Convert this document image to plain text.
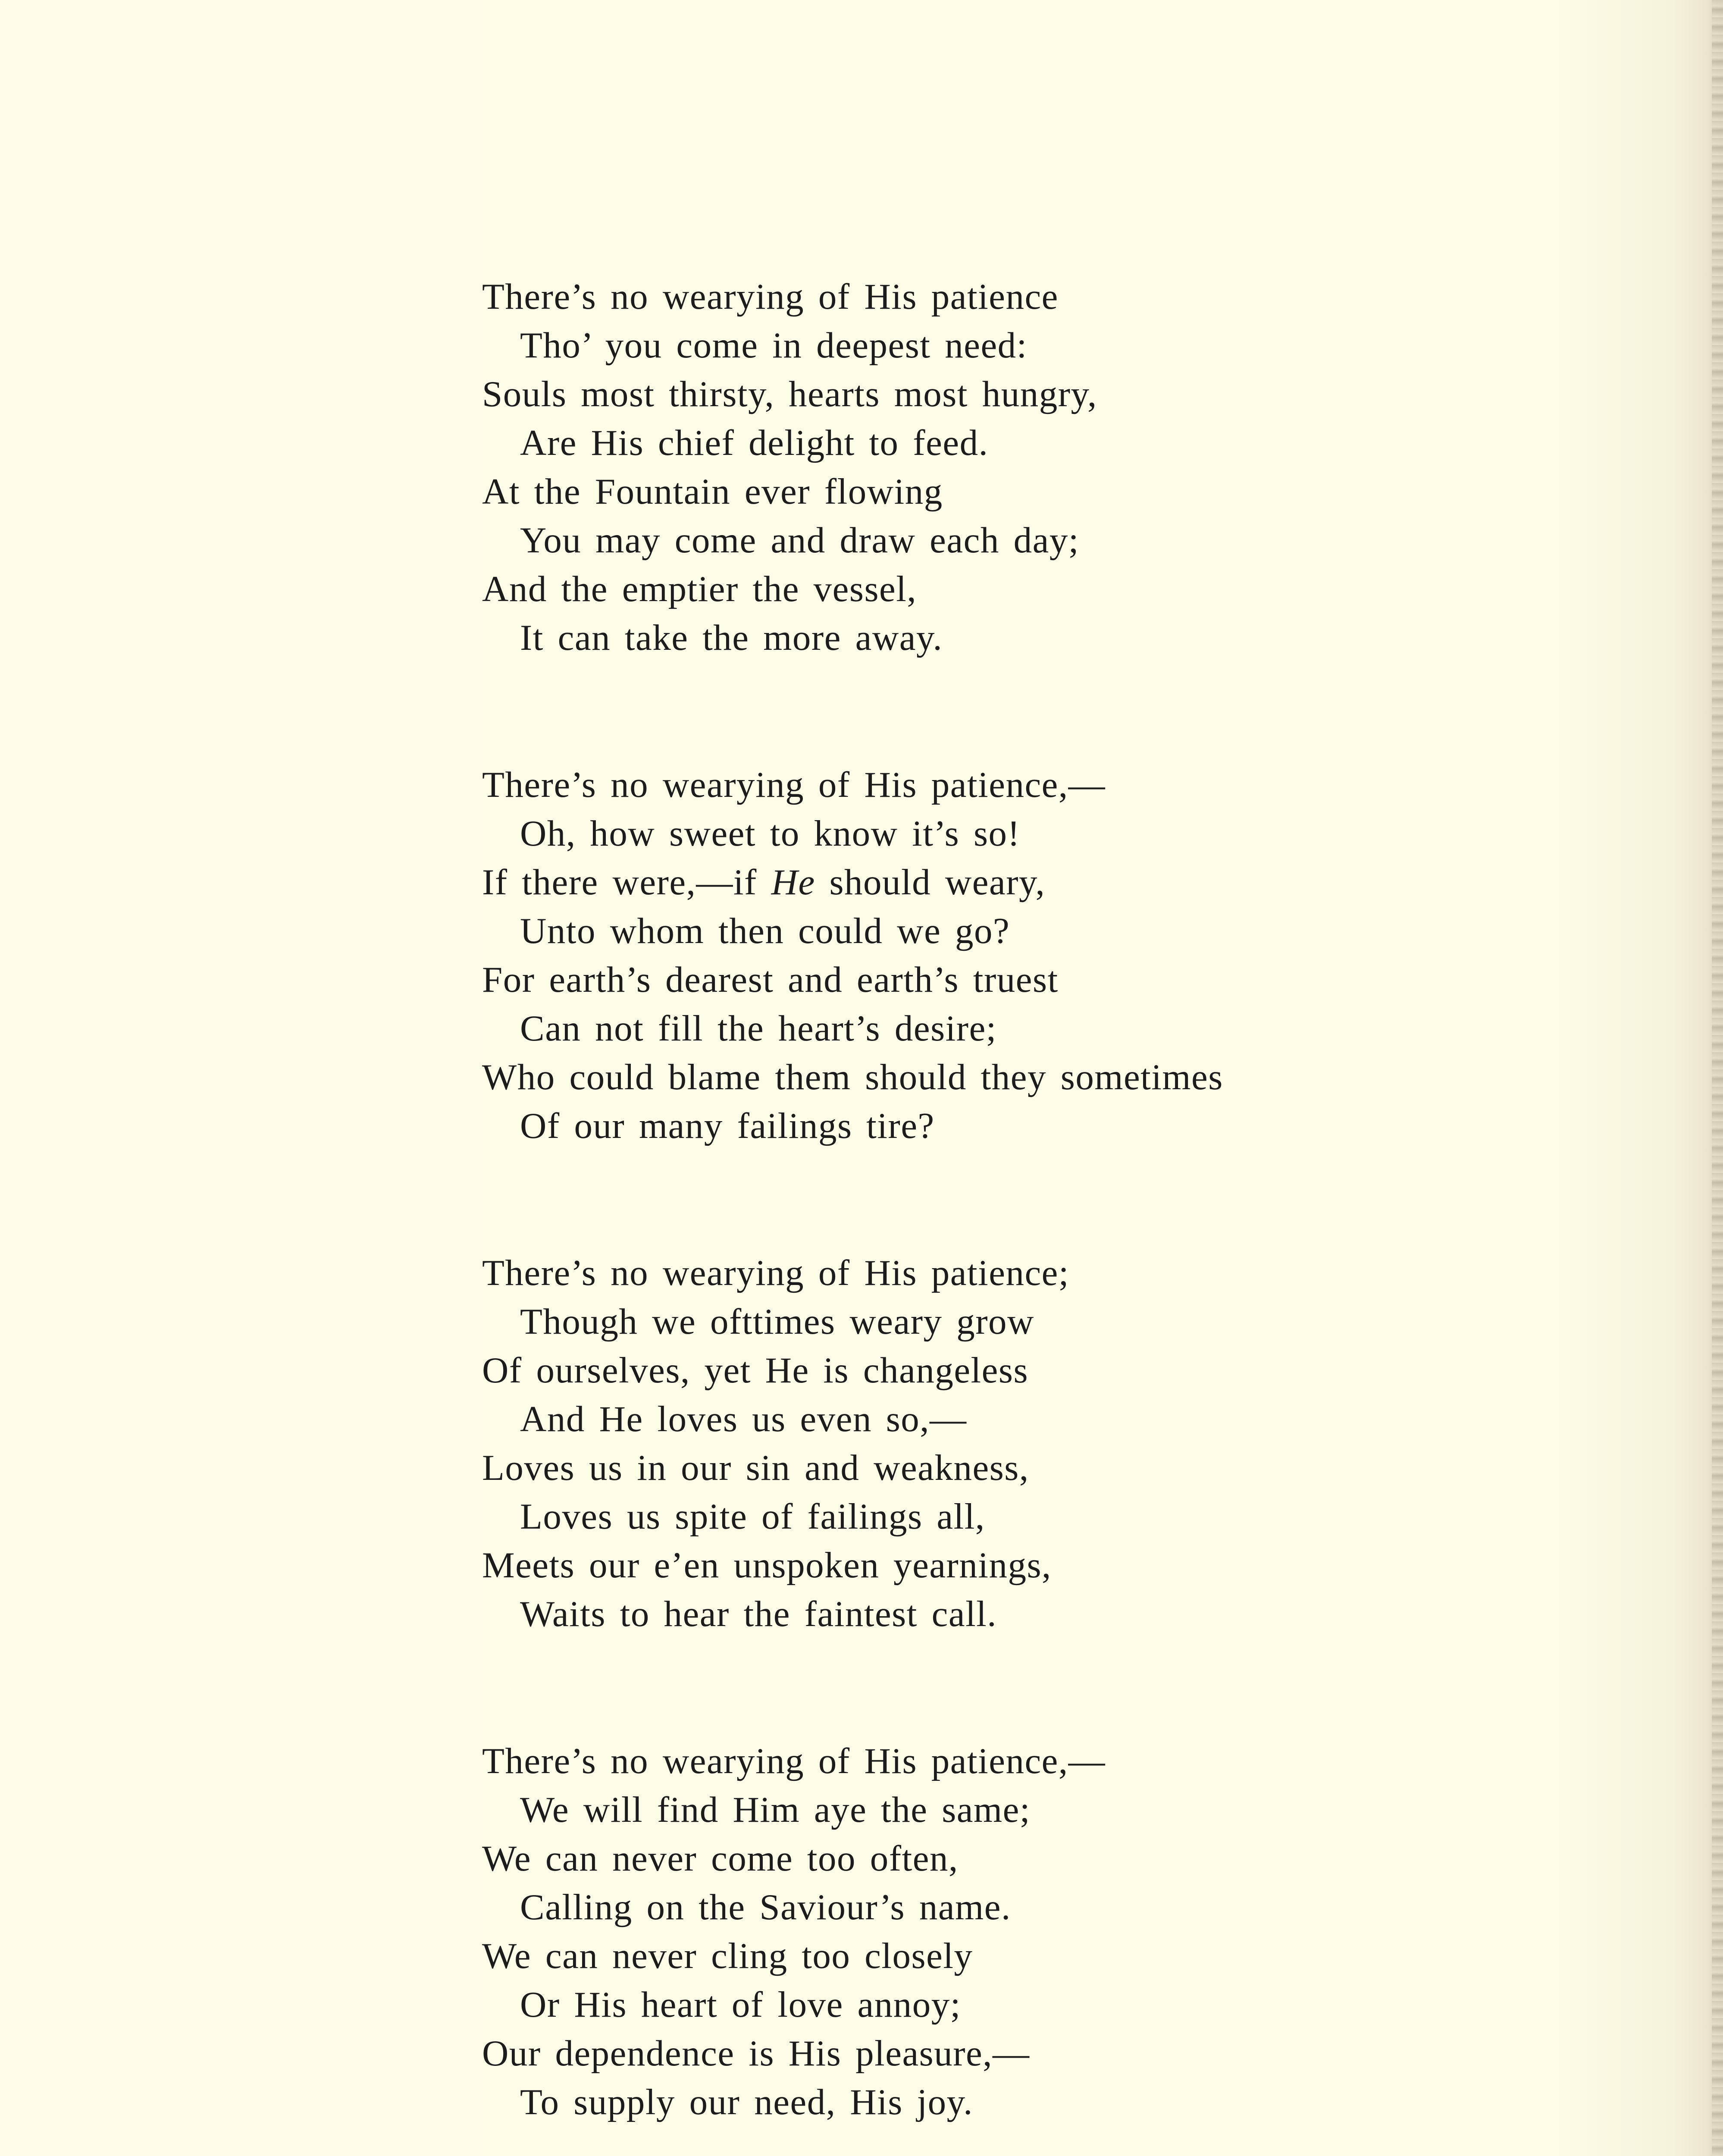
There’s no wearying of His patience
Tho’ you come in deepest need:
Souls most thirsty, hearts most hungry,
Are His chief delight to feed.
At the Fountain ever flowing
You may come and draw each day;
And the emptier the vessel,
It can take the more away.
There’s no wearying of His patience,—
Oh, how sweet to know it’s so!
If there were,—if He should weary,
Unto whom then could we go?
For earth’s dearest and earth’s truest
Can not fill the heart’s desire;
Who could blame them should they sometimes
Of our many failings tire?
There’s no wearying of His patience;
Though we ofttimes weary grow
Of ourselves, yet He is changeless
And He loves us even so,—
Loves us in our sin and weakness,
Loves us spite of failings all,
Meets our e’en unspoken yearnings,
Waits to hear the faintest call.
There’s no wearying of His patience,—
We will find Him aye the same;
We can never come too often,
Calling on the Saviour’s name.
We can never cling too closely
Or His heart of love annoy;
Our dependence is His pleasure,—
To supply our need, His joy.
